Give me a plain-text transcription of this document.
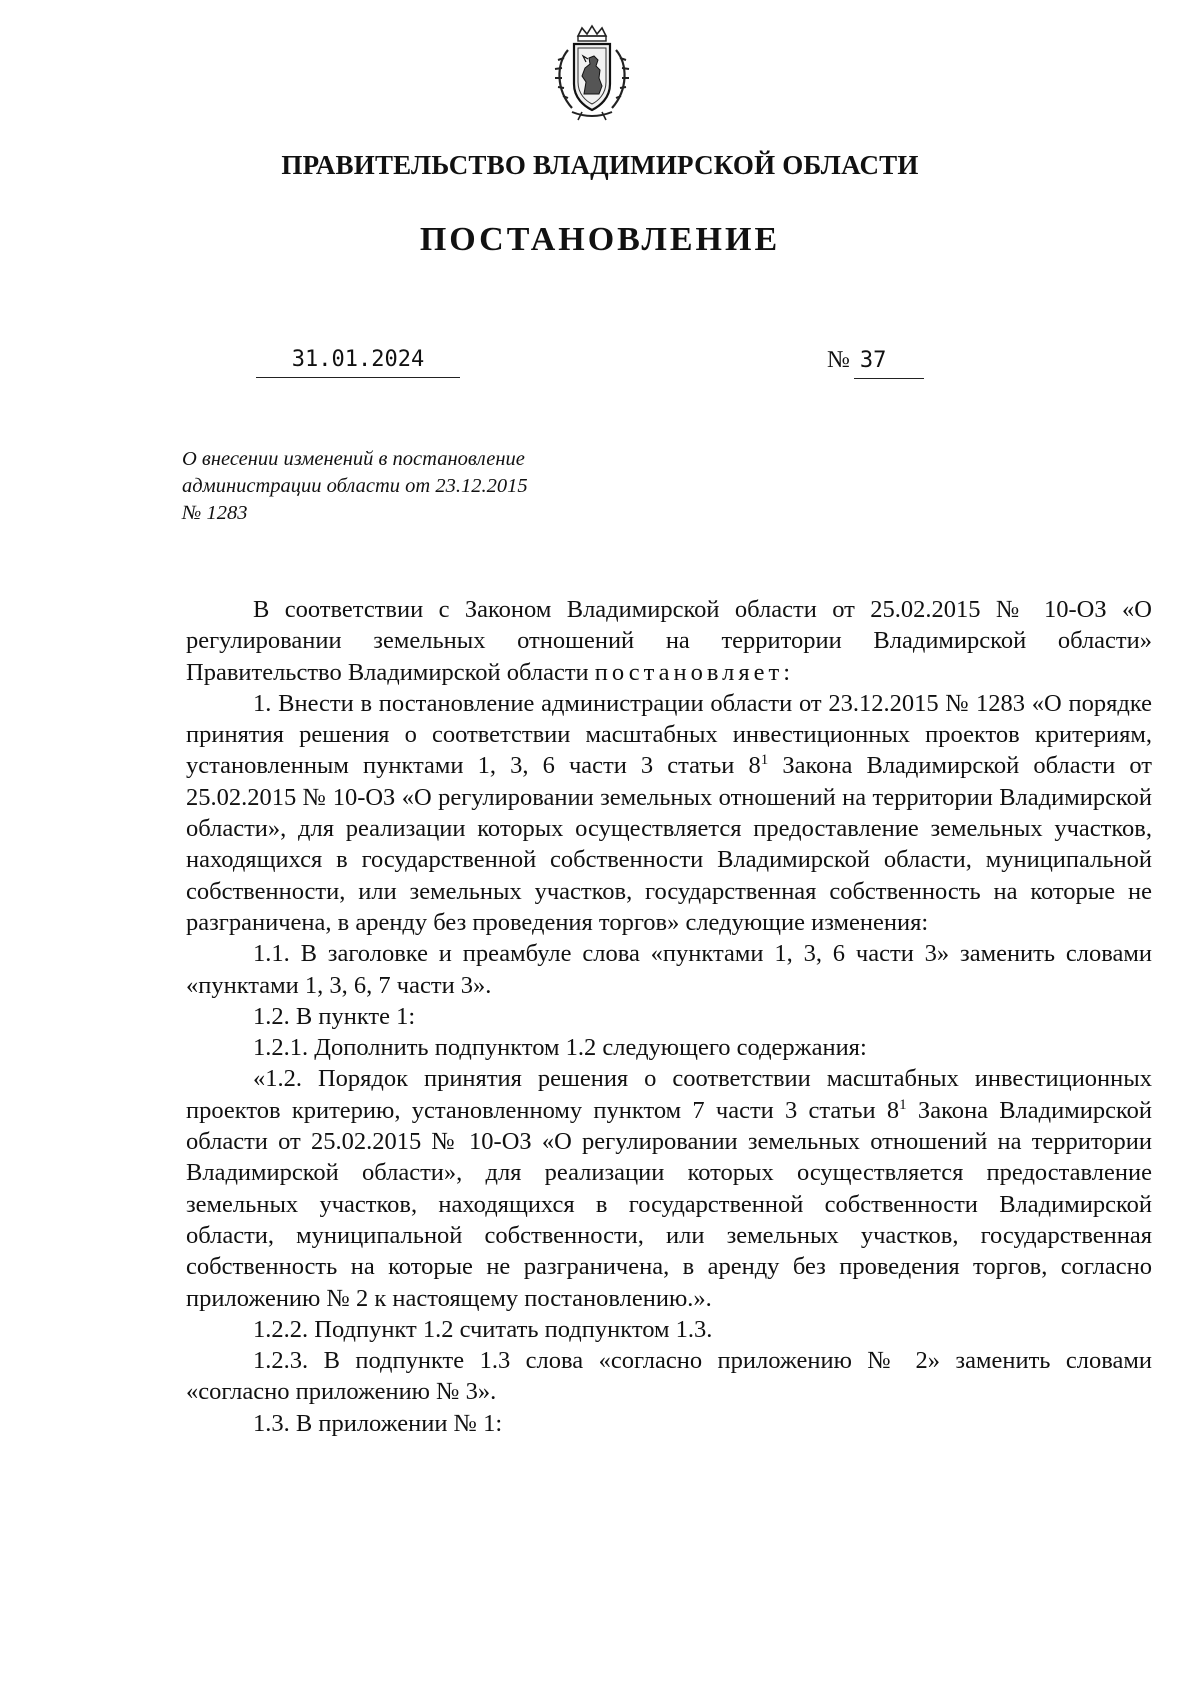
ПРАВИТЕЛЬСТВО ВЛАДИМИРСКОЙ ОБЛАСТИ
ПОСТАНОВЛЕНИЕ
31.01.2024	№ 37
О внесении изменений в постановление
администрации области от 23.12.2015
№ 1283

В соответствии с Законом Владимирской области от 25.02.2015 № 10-ОЗ «О регулировании земельных отношений на территории Владимирской области» Правительство Владимирской области постановляет:

1. Внести в постановление администрации области от 23.12.2015 № 1283 «О порядке принятия решения о соответствии масштабных инвестиционных проектов критериям, установленным пунктами 1, 3, 6 части 3 статьи $8^1$ Закона Владимирской области от 25.02.2015 № 10-ОЗ «О регулировании земельных отношений на территории Владимирской области», для реализации которых осуществляется предоставление земельных участков, находящихся в государственной собственности Владимирской области, муниципальной собственности, или земельных участков, государственная собственность на которые не разграничена, в аренду без проведения торгов» следующие изменения:

1.1. В заголовке и преамбуле слова «пунктами 1, 3, 6 части 3» заменить словами «пунктами 1, 3, 6, 7 части 3».

1.2. В пункте 1:

1.2.1. Дополнить подпунктом 1.2 следующего содержания:

«1.2. Порядок принятия решения о соответствии масштабных инвестиционных проектов критерию, установленному пунктом 7 части 3 статьи $8^1$ Закона Владимирской области от 25.02.2015 № 10-ОЗ «О регулировании земельных отношений на территории Владимирской области», для реализации которых осуществляется предоставление земельных участков, находящихся в государственной собственности Владимирской области, муниципальной собственности, или земельных участков, государственная собственность на которые не разграничена, в аренду без проведения торгов, согласно приложению № 2 к настоящему постановлению.».

1.2.2. Подпункт 1.2 считать подпунктом 1.3.

1.2.3. В подпункте 1.3 слова «согласно приложению № 2» заменить словами «согласно приложению № 3».

1.3. В приложении № 1:
